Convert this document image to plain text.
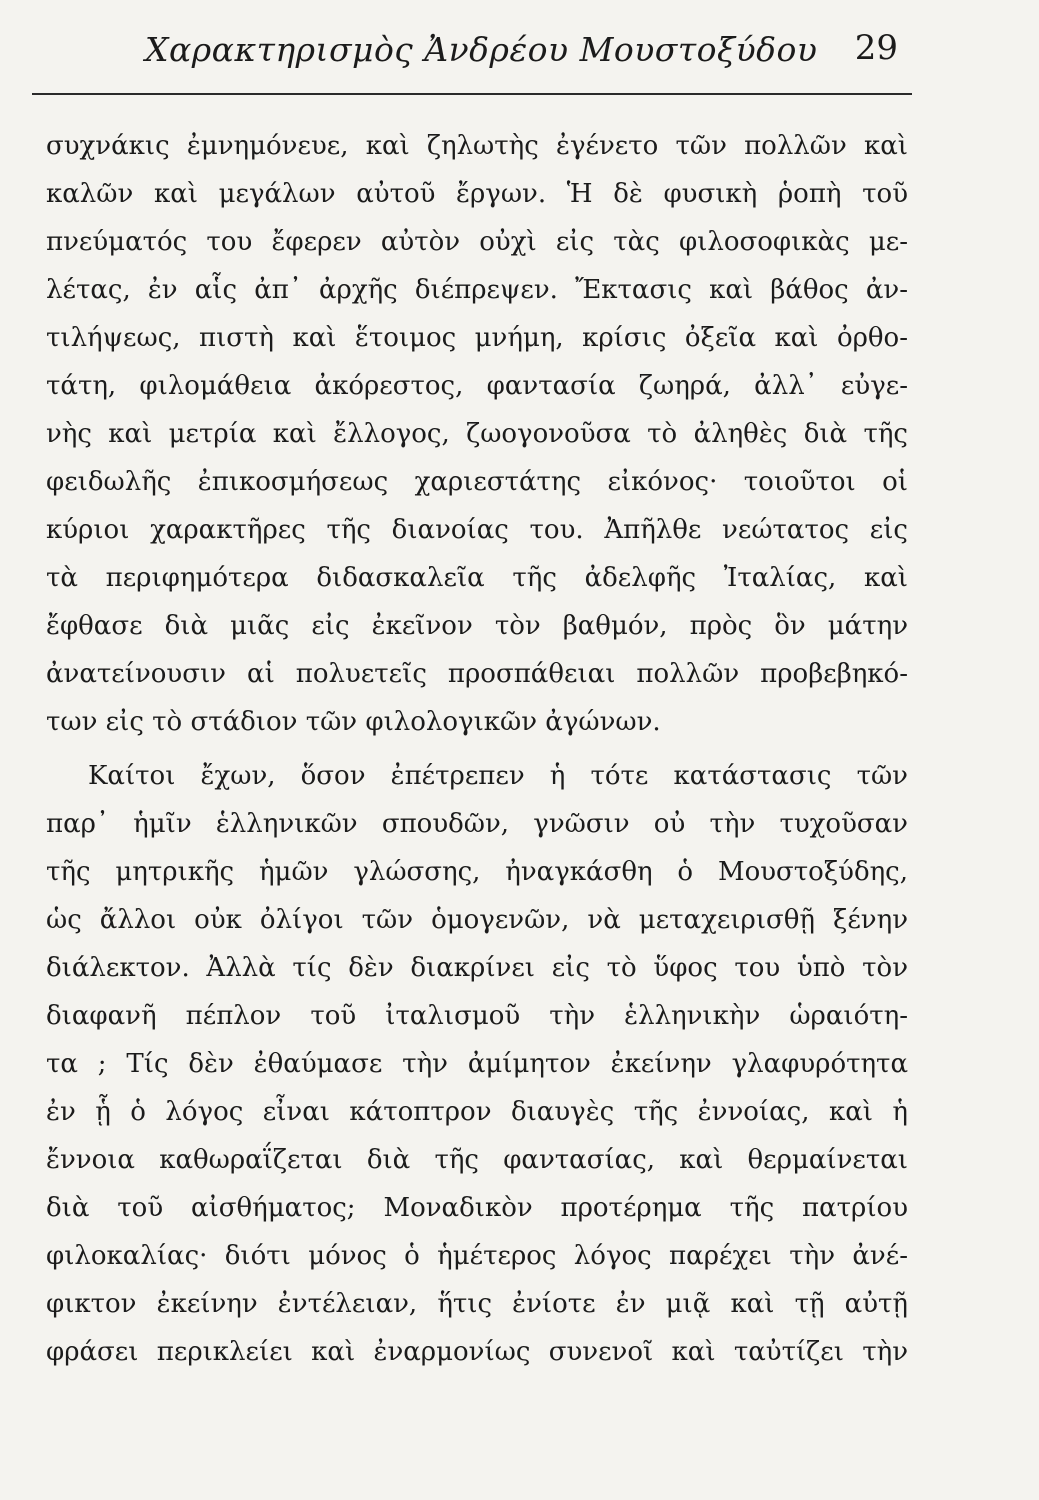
Χαρακτηρισμὸς Ἀνδρέου Μουστοξύδου 29
συχνάκις ἐμνημόνευε, καὶ ζηλωτὴς ἐγένετο τῶν πολλῶν καὶ
καλῶν καὶ μεγάλων αὐτοῦ ἔργων. Ἡ δὲ φυσικὴ ῥοπὴ τοῦ
πνεύματός του ἔφερεν αὐτὸν οὐχὶ εἰς τὰς φιλοσοφικὰς με-
λέτας, ἐν αἷς ἀπ᾽ ἀρχῆς διέπρεψεν. Ἔκτασις καὶ βάθος ἀν-
τιλήψεως, πιστὴ καὶ ἕτοιμος μνήμη, κρίσις ὀξεῖα καὶ ὀρθο-
τάτη, φιλομάθεια ἀκόρεστος, φαντασία ζωηρά, ἀλλ᾽ εὐγε-
νὴς καὶ μετρία καὶ ἔλλογος, ζωογονοῦσα τὸ ἀληθὲς διὰ τῆς
φειδωλῆς ἐπικοσμήσεως χαριεστάτης εἰκόνος· τοιοῦτοι οἱ
κύριοι χαρακτῆρες τῆς διανοίας του. Ἀπῆλθε νεώτατος εἰς
τὰ περιφημότερα διδασκαλεῖα τῆς ἀδελφῆς Ἰταλίας, καὶ
ἔφθασε διὰ μιᾶς εἰς ἐκεῖνον τὸν βαθμόν, πρὸς ὃν μάτην
ἀνατείνουσιν αἱ πολυετεῖς προσπάθειαι πολλῶν προβεβηκό-
των εἰς τὸ στάδιον τῶν φιλολογικῶν ἀγώνων.
Καίτοι ἔχων, ὅσον ἐπέτρεπεν ἡ τότε κατάστασις τῶν
παρ᾽ ἡμῖν ἑλληνικῶν σπουδῶν, γνῶσιν οὐ τὴν τυχοῦσαν
τῆς μητρικῆς ἡμῶν γλώσσης, ἠναγκάσθη ὁ Μουστοξύδης,
ὡς ἄλλοι οὐκ ὀλίγοι τῶν ὁμογενῶν, νὰ μεταχειρισθῇ ξένην
διάλεκτον. Ἀλλὰ τίς δὲν διακρίνει εἰς τὸ ὕφος του ὑπὸ τὸν
διαφανῆ πέπλον τοῦ ἰταλισμοῦ τὴν ἑλληνικὴν ὡραιότη-
τα ; Τίς δὲν ἐθαύμασε τὴν ἀμίμητον ἐκείνην γλαφυρότητα
ἐν ᾗ ὁ λόγος εἶναι κάτοπτρον διαυγὲς τῆς ἐννοίας, καὶ ἡ
ἔννοια καθωραΐζεται διὰ τῆς φαντασίας, καὶ θερμαίνεται
διὰ τοῦ αἰσθήματος; Μοναδικὸν προτέρημα τῆς πατρίου
φιλοκαλίας· διότι μόνος ὁ ἡμέτερος λόγος παρέχει τὴν ἀνέ-
φικτον ἐκείνην ἐντέλειαν, ἥτις ἐνίοτε ἐν μιᾷ καὶ τῇ αὐτῇ
φράσει περικλείει καὶ ἐναρμονίως συνενοῖ καὶ ταὐτίζει τὴν
